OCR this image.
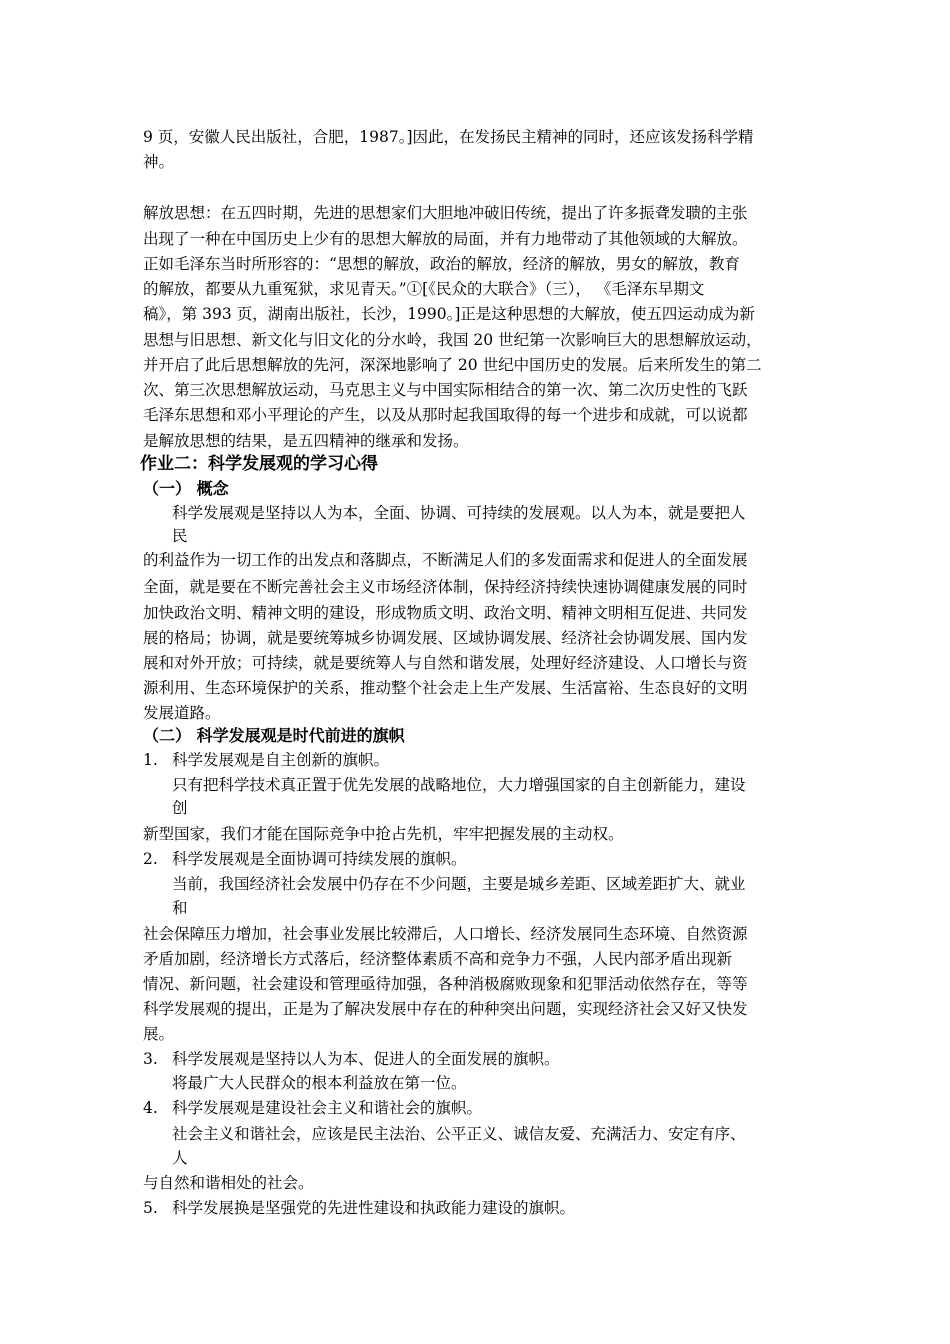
9 页，安徽人民出版社，合肥，1987。]因此，在发扬民主精神的同时，还应该发扬科学精
神。
解放思想：在五四时期，先进的思想家们大胆地冲破旧传统，提出了许多振聋发聩的主张
出现了一种在中国历史上少有的思想大解放的局面，并有力地带动了其他领域的大解放。
正如毛泽东当时所形容的：“思想的解放，政治的解放，经济的解放，男女的解放，教育
的解放，都要从九重冤狱，求见青天。”①[《民众的大联合》（三）， 《毛泽东早期文
稿》，第 393 页，湖南出版社，长沙，1990。]正是这种思想的大解放，使五四运动成为新
思想与旧思想、新文化与旧文化的分水岭，我国 20 世纪第一次影响巨大的思想解放运动，
并开启了此后思想解放的先河，深深地影响了 20 世纪中国历史的发展。后来所发生的第二
次、第三次思想解放运动，马克思主义与中国实际相结合的第一次、第二次历史性的飞跃
毛泽东思想和邓小平理论的产生，以及从那时起我国取得的每一个进步和成就，可以说都
是解放思想的结果，是五四精神的继承和发扬。
作业二：科学发展观的学习心得
（一） 概念
科学发展观是坚持以人为本，全面、协调、可持续的发展观。以人为本，就是要把人
民
的利益作为一切工作的出发点和落脚点，不断满足人们的多发面需求和促进人的全面发展
全面，就是要在不断完善社会主义市场经济体制，保持经济持续快速协调健康发展的同时
加快政治文明、精神文明的建设，形成物质文明、政治文明、精神文明相互促进、共同发
展的格局；协调，就是要统筹城乡协调发展、区域协调发展、经济社会协调发展、国内发
展和对外开放；可持续，就是要统筹人与自然和谐发展，处理好经济建设、人口增长与资
源利用、生态环境保护的关系，推动整个社会走上生产发展、生活富裕、生态良好的文明
发展道路。
（二） 科学发展观是时代前进的旗帜
1. 科学发展观是自主创新的旗帜。
只有把科学技术真正置于优先发展的战略地位，大力增强国家的自主创新能力，建设
创
新型国家，我们才能在国际竞争中抢占先机，牢牢把握发展的主动权。
2. 科学发展观是全面协调可持续发展的旗帜。
当前，我国经济社会发展中仍存在不少问题，主要是城乡差距、区域差距扩大、就业
和
社会保障压力增加，社会事业发展比较滞后，人口增长、经济发展同生态环境、自然资源
矛盾加剧，经济增长方式落后，经济整体素质不高和竞争力不强，人民内部矛盾出现新
情况、新问题，社会建设和管理亟待加强，各种消极腐败现象和犯罪活动依然存在，等等
科学发展观的提出，正是为了解决发展中存在的种种突出问题，实现经济社会又好又快发
展。
3. 科学发展观是坚持以人为本、促进人的全面发展的旗帜。
将最广大人民群众的根本利益放在第一位。
4. 科学发展观是建设社会主义和谐社会的旗帜。
社会主义和谐社会，应该是民主法治、公平正义、诚信友爱、充满活力、安定有序、
人
与自然和谐相处的社会。
5. 科学发展换是坚强党的先进性建设和执政能力建设的旗帜。
